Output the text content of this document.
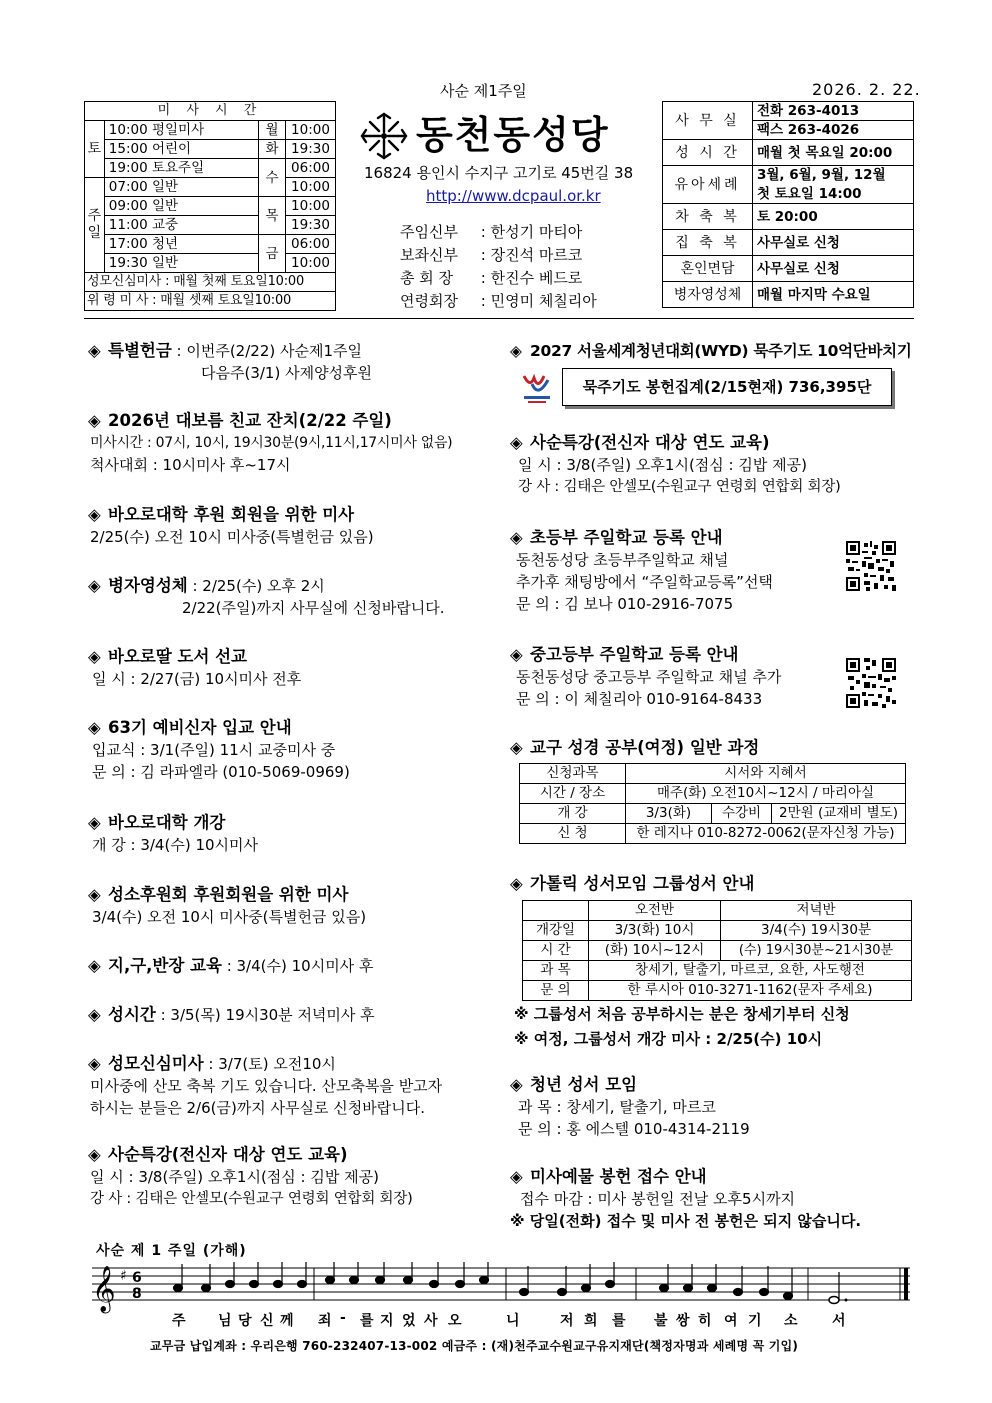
사순 제1주일	2026. 2. 22.
미 사 시 간			
토	10:00 평일미사	월	10:00
	15:00 어린이	화	19:30
	19:00 토요주일	수	06:00
주일	07:00 일반		10:00
	09:00 일반	목	10:00
	11:00 교중		19:30
	17:00 청년	금	06:00
	19:30 일반		10:00
성모신심미사 : 매월 첫째 토요일10:00			
위 령 미 사 : 매월 셋째 토요일10:00			
동천동성당
16824 용인시 수지구 고기로 45번길 38
http://www.dcpaul.or.kr
주임신부 : 한성기 마티아
보좌신부 : 장진석 마르코
총 회 장 : 한진수 베드로
연령회장 : 민영미 체칠리아
사 무 실	전화 263-4013
	팩스 263-4026
성 시 간	매월 첫 목요일 20:00
유아세례	3월, 6월, 9월, 12월
	첫 토요일 14:00
차 축 복	토 20:00
집 축 복	사무실로 신청
혼인면담	사무실로 신청
병자영성체	매월 마지막 수요일
◈ 특별헌금 : 이번주(2/22) 사순제1주일
다음주(3/1) 사제양성후원
◈ 2026년 대보름 친교 잔치(2/22 주일)
미사시간 : 07시, 10시, 19시30분(9시,11시,17시미사 없음)
척사대회 : 10시미사 후~17시
◈ 바오로대학 후원 회원을 위한 미사
2/25(수) 오전 10시 미사중(특별헌금 있음)
◈ 병자영성체 : 2/25(수) 오후 2시
2/22(주일)까지 사무실에 신청바랍니다.
◈ 바오로딸 도서 선교
일 시 : 2/27(금) 10시미사 전후
◈ 63기 예비신자 입교 안내
입교식 : 3/1(주일) 11시 교중미사 중
문 의 : 김 라파엘라 (010-5069-0969)
◈ 바오로대학 개강
개 강 : 3/4(수) 10시미사
◈ 성소후원회 후원회원을 위한 미사
3/4(수) 오전 10시 미사중(특별헌금 있음)
◈ 지,구,반장 교육 : 3/4(수) 10시미사 후
◈ 성시간 : 3/5(목) 19시30분 저녁미사 후
◈ 성모신심미사 : 3/7(토) 오전10시
미사중에 산모 축복 기도 있습니다. 산모축복을 받고자
하시는 분들은 2/6(금)까지 사무실로 신청바랍니다.
◈ 사순특강(전신자 대상 연도 교육)
일 시 : 3/8(주일) 오후1시(점심 : 김밥 제공)
강 사 : 김태은 안셀모(수원교구 연령회 연합회 회장)
◈ 2027 서울세계청년대회(WYD) 묵주기도 10억단바치기
묵주기도 봉헌집계(2/15현재) 736,395단
◈ 사순특강(전신자 대상 연도 교육)
일 시 : 3/8(주일) 오후1시(점심 : 김밥 제공)
강 사 : 김태은 안셀모(수원교구 연령회 연합회 회장)
◈ 초등부 주일학교 등록 안내
동천동성당 초등부주일학교 채널
추가후 채팅방에서 “주일학교등록”선택
문 의 : 김 보나 010-2916-7075
◈ 중고등부 주일학교 등록 안내
동천동성당 중고등부 주일학교 채널 추가
문 의 : 이 체칠리아 010-9164-8433
◈ 교구 성경 공부(여정) 일반 과정
신청과목	시서와 지혜서		
시간 / 장소	매주(화) 오전10시~12시 / 마리아실		
개 강	3/3(화)	수강비	2만원 (교재비 별도)
신 청	한 레지나 010-8272-0062(문자신청 가능)		
◈ 가톨릭 성서모임 그룹성서 안내
	오전반	저녁반
개강일	3/3(화) 10시	3/4(수) 19시30분
시 간	(화) 10시~12시	(수) 19시30분~21시30분
과 목	창세기, 탈출기, 마르코, 요한, 사도행전	
문 의	한 루시아 010-3271-1162(문자 주세요)	
※ 그룹성서 처음 공부하시는 분은 창세기부터 신청
※ 여정, 그룹성서 개강 미사 : 2/25(수) 10시
◈ 청년 성서 모임
과 목 : 창세기, 탈출기, 마르코
문 의 : 홍 에스텔 010-4314-2119
◈ 미사예물 봉헌 접수 안내
접수 마감 : 미사 봉헌일 전날 오후5시까지
※ 당일(전화) 접수 및 미사 전 봉헌은 되지 않습니다.
사순 제 1 주일 (가해)
𝄞 ♯ 6
8
주 님 당 신 께 죄 - 를 지 었 사 오	니	저 희 를 불 쌍 히 여 기 소 서
교무금 납입계좌 : 우리은행 760-232407-13-002 예금주 : (재)천주교수원교구유지재단(책정자명과 세례명 꼭 기입)
